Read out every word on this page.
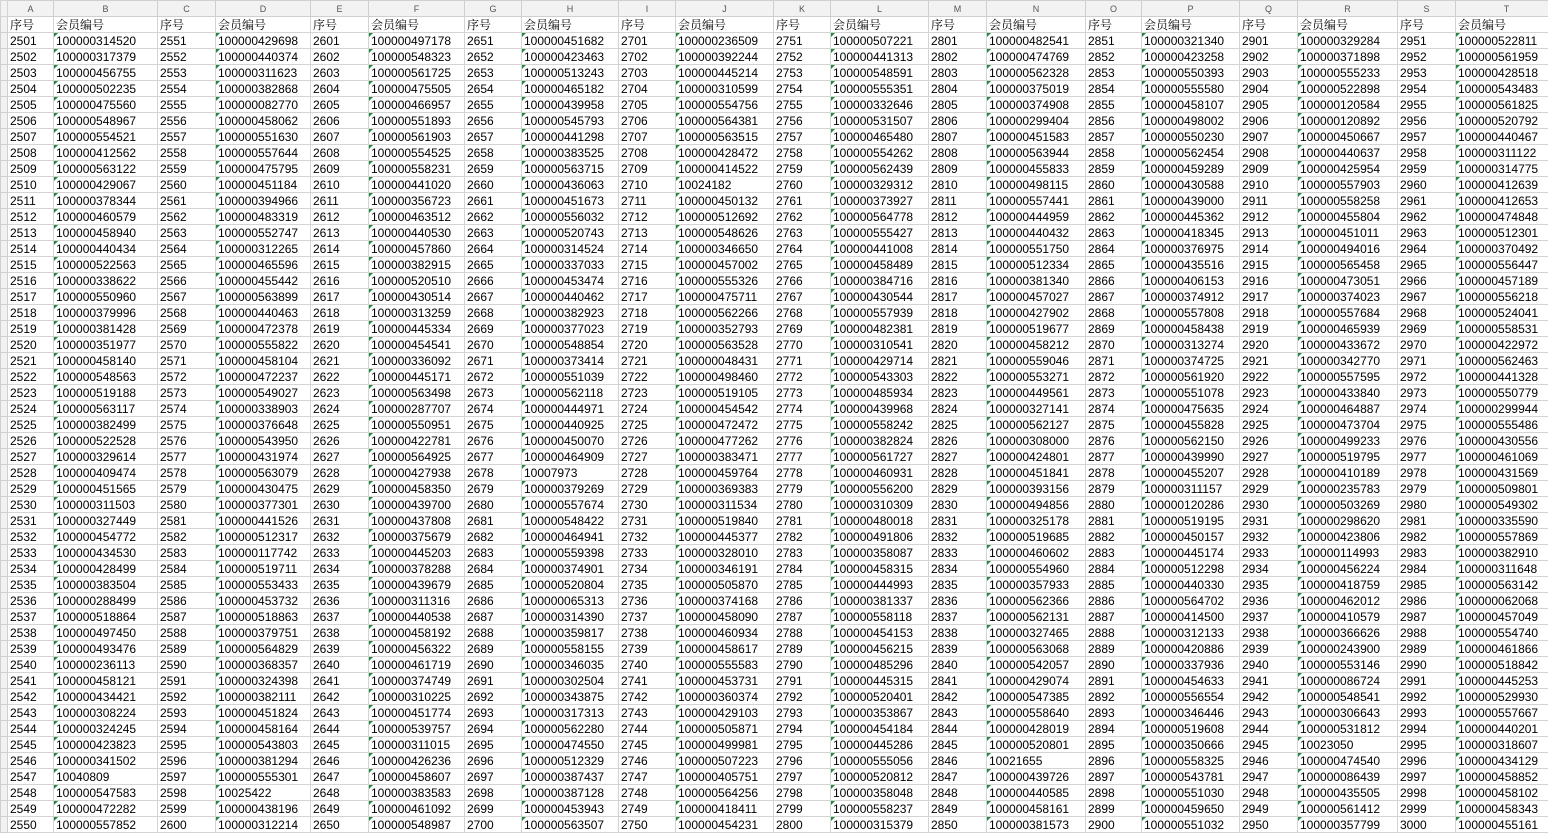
	A	B	C	D	E	F	G	H	I	J	K	L	M	N	O	P	Q	R	S	T
	序号	会员编号	序号	会员编号	序号	会员编号	序号	会员编号	序号	会员编号	序号	会员编号	序号	会员编号	序号	会员编号	序号	会员编号	序号	会员编号
	2501	100000314520	2551	100000429698	2601	100000497178	2651	100000451682	2701	100000236509	2751	100000507221	2801	100000482541	2851	100000321340	2901	100000329284	2951	100000522811
	2502	100000317379	2552	100000440374	2602	100000548323	2652	100000423463	2702	100000392244	2752	100000441313	2802	100000474769	2852	100000423258	2902	100000371898	2952	100000561959
	2503	100000456755	2553	100000311623	2603	100000561725	2653	100000513243	2703	100000445214	2753	100000548591	2803	100000562328	2853	100000550393	2903	100000555233	2953	100000428518
	2504	100000502235	2554	100000382868	2604	100000475505	2654	100000465182	2704	100000310599	2754	100000555351	2804	100000375019	2854	100000555580	2904	100000522898	2954	100000543483
	2505	100000475560	2555	100000082770	2605	100000466957	2655	100000439958	2705	100000554756	2755	100000332646	2805	100000374908	2855	100000458107	2905	100000120584	2955	100000561825
	2506	100000548967	2556	100000458062	2606	100000551893	2656	100000545793	2706	100000564381	2756	100000531507	2806	100000299404	2856	100000498002	2906	100000120892	2956	100000520792
	2507	100000554521	2557	100000551630	2607	100000561903	2657	100000441298	2707	100000563515	2757	100000465480	2807	100000451583	2857	100000550230	2907	100000450667	2957	100000440467
	2508	100000412562	2558	100000557644	2608	100000554525	2658	100000383525	2708	100000428472	2758	100000554262	2808	100000563944	2858	100000562454	2908	100000440637	2958	100000311122
	2509	100000563122	2559	100000475795	2609	100000558231	2659	100000563715	2709	100000414522	2759	100000562439	2809	100000455833	2859	100000459289	2909	100000425954	2959	100000314775
	2510	100000429067	2560	100000451184	2610	100000441020	2660	100000436063	2710	10024182	2760	100000329312	2810	100000498115	2860	100000430588	2910	100000557903	2960	100000412639
	2511	100000378344	2561	100000394966	2611	100000356723	2661	100000451673	2711	100000450132	2761	100000373927	2811	100000557441	2861	100000439000	2911	100000558258	2961	100000412653
	2512	100000460579	2562	100000483319	2612	100000463512	2662	100000556032	2712	100000512692	2762	100000564778	2812	100000444959	2862	100000445362	2912	100000455804	2962	100000474848
	2513	100000458940	2563	100000552747	2613	100000440530	2663	100000520743	2713	100000548626	2763	100000555427	2813	100000440432	2863	100000418345	2913	100000451011	2963	100000512301
	2514	100000440434	2564	100000312265	2614	100000457860	2664	100000314524	2714	100000346650	2764	100000441008	2814	100000551750	2864	100000376975	2914	100000494016	2964	100000370492
	2515	100000522563	2565	100000465596	2615	100000382915	2665	100000337033	2715	100000457002	2765	100000458489	2815	100000512334	2865	100000435516	2915	100000565458	2965	100000556447
	2516	100000338622	2566	100000455442	2616	100000520510	2666	100000453474	2716	100000555326	2766	100000384716	2816	100000381340	2866	100000406153	2916	100000473051	2966	100000457189
	2517	100000550960	2567	100000563899	2617	100000430514	2667	100000440462	2717	100000475711	2767	100000430544	2817	100000457027	2867	100000374912	2917	100000374023	2967	100000556218
	2518	100000379996	2568	100000440463	2618	100000313259	2668	100000382923	2718	100000562266	2768	100000557939	2818	100000427902	2868	100000557808	2918	100000557684	2968	100000524041
	2519	100000381428	2569	100000472378	2619	100000445334	2669	100000377023	2719	100000352793	2769	100000482381	2819	100000519677	2869	100000458438	2919	100000465939	2969	100000558531
	2520	100000351977	2570	100000555822	2620	100000454541	2670	100000548854	2720	100000563528	2770	100000310541	2820	100000458212	2870	100000313274	2920	100000433672	2970	100000422972
	2521	100000458140	2571	100000458104	2621	100000336092	2671	100000373414	2721	100000048431	2771	100000429714	2821	100000559046	2871	100000374725	2921	100000342770	2971	100000562463
	2522	100000548563	2572	100000472237	2622	100000445171	2672	100000551039	2722	100000498460	2772	100000543303	2822	100000553271	2872	100000561920	2922	100000557595	2972	100000441328
	2523	100000519188	2573	100000549027	2623	100000563498	2673	100000562118	2723	100000519105	2773	100000485934	2823	100000449561	2873	100000551078	2923	100000433840	2973	100000550779
	2524	100000563117	2574	100000338903	2624	100000287707	2674	100000444971	2724	100000454542	2774	100000439968	2824	100000327141	2874	100000475635	2924	100000464887	2974	100000299944
	2525	100000382499	2575	100000376648	2625	100000550951	2675	100000440925	2725	100000472472	2775	100000558242	2825	100000562127	2875	100000455828	2925	100000473704	2975	100000555486
	2526	100000522528	2576	100000543950	2626	100000422781	2676	100000450070	2726	100000477262	2776	100000382824	2826	100000308000	2876	100000562150	2926	100000499233	2976	100000430556
	2527	100000329614	2577	100000431974	2627	100000564925	2677	100000464909	2727	100000383471	2777	100000561727	2827	100000424801	2877	100000439990	2927	100000519795	2977	100000461069
	2528	100000409474	2578	100000563079	2628	100000427938	2678	10007973	2728	100000459764	2778	100000460931	2828	100000451841	2878	100000455207	2928	100000410189	2978	100000431569
	2529	100000451565	2579	100000430475	2629	100000458350	2679	100000379269	2729	100000369383	2779	100000556200	2829	100000393156	2879	100000311157	2929	100000235783	2979	100000509801
	2530	100000311503	2580	100000377301	2630	100000439700	2680	100000557674	2730	100000311534	2780	100000310309	2830	100000494856	2880	100000120286	2930	100000503269	2980	100000549302
	2531	100000327449	2581	100000441526	2631	100000437808	2681	100000548422	2731	100000519840	2781	100000480018	2831	100000325178	2881	100000519195	2931	100000298620	2981	100000335590
	2532	100000454772	2582	100000512317	2632	100000375679	2682	100000464941	2732	100000445377	2782	100000491806	2832	100000519685	2882	100000450157	2932	100000423806	2982	100000557869
	2533	100000434530	2583	100000117742	2633	100000445203	2683	100000559398	2733	100000328010	2783	100000358087	2833	100000460602	2883	100000445174	2933	100000114993	2983	100000382910
	2534	100000428499	2584	100000519711	2634	100000378288	2684	100000374901	2734	100000346191	2784	100000458315	2834	100000554960	2884	100000512298	2934	100000456224	2984	100000311648
	2535	100000383504	2585	100000553433	2635	100000439679	2685	100000520804	2735	100000505870	2785	100000444993	2835	100000357933	2885	100000440330	2935	100000418759	2985	100000563142
	2536	100000288499	2586	100000453732	2636	100000311316	2686	100000065313	2736	100000374168	2786	100000381337	2836	100000562366	2886	100000564702	2936	100000462012	2986	100000062068
	2537	100000518864	2587	100000518863	2637	100000440538	2687	100000314390	2737	100000458090	2787	100000558118	2837	100000562131	2887	100000414500	2937	100000410579	2987	100000457049
	2538	100000497450	2588	100000379751	2638	100000458192	2688	100000359817	2738	100000460934	2788	100000454153	2838	100000327465	2888	100000312133	2938	100000366626	2988	100000554740
	2539	100000493476	2589	100000564829	2639	100000456322	2689	100000558155	2739	100000458617	2789	100000456215	2839	100000563068	2889	100000420886	2939	100000243900	2989	100000461866
	2540	100000236113	2590	100000368357	2640	100000461719	2690	100000346035	2740	100000555583	2790	100000485296	2840	100000542057	2890	100000337936	2940	100000553146	2990	100000518842
	2541	100000458121	2591	100000324398	2641	100000374749	2691	100000302504	2741	100000453731	2791	100000445315	2841	100000429074	2891	100000454633	2941	100000086724	2991	100000445253
	2542	100000434421	2592	100000382111	2642	100000310225	2692	100000343875	2742	100000360374	2792	100000520401	2842	100000547385	2892	100000556554	2942	100000548541	2992	100000529930
	2543	100000308224	2593	100000451824	2643	100000451774	2693	100000317313	2743	100000429103	2793	100000353867	2843	100000558640	2893	100000346446	2943	100000306643	2993	100000557667
	2544	100000324245	2594	100000458164	2644	100000539757	2694	100000562280	2744	100000505871	2794	100000454184	2844	100000428019	2894	100000519608	2944	100000531812	2994	100000440201
	2545	100000423823	2595	100000543803	2645	100000311015	2695	100000474550	2745	100000499981	2795	100000445286	2845	100000520801	2895	100000350666	2945	10023050	2995	100000318607
	2546	100000341502	2596	100000381294	2646	100000426236	2696	100000512329	2746	100000507223	2796	100000555056	2846	10021655	2896	100000558325	2946	100000474540	2996	100000434129
	2547	10040809	2597	100000555301	2647	100000458607	2697	100000387437	2747	100000405751	2797	100000520812	2847	100000439726	2897	100000543781	2947	100000086439	2997	100000458852
	2548	100000547583	2598	10025422	2648	100000383583	2698	100000387128	2748	100000564256	2798	100000358048	2848	100000440585	2898	100000551030	2948	100000435505	2998	100000458102
	2549	100000472282	2599	100000438196	2649	100000461092	2699	100000453943	2749	100000418411	2799	100000558237	2849	100000458161	2899	100000459650	2949	100000561412	2999	100000458343
	2550	100000557852	2600	100000312214	2650	100000548987	2700	100000563507	2750	100000454231	2800	100000315379	2850	100000381573	2900	100000551032	2950	100000357799	3000	100000455161
